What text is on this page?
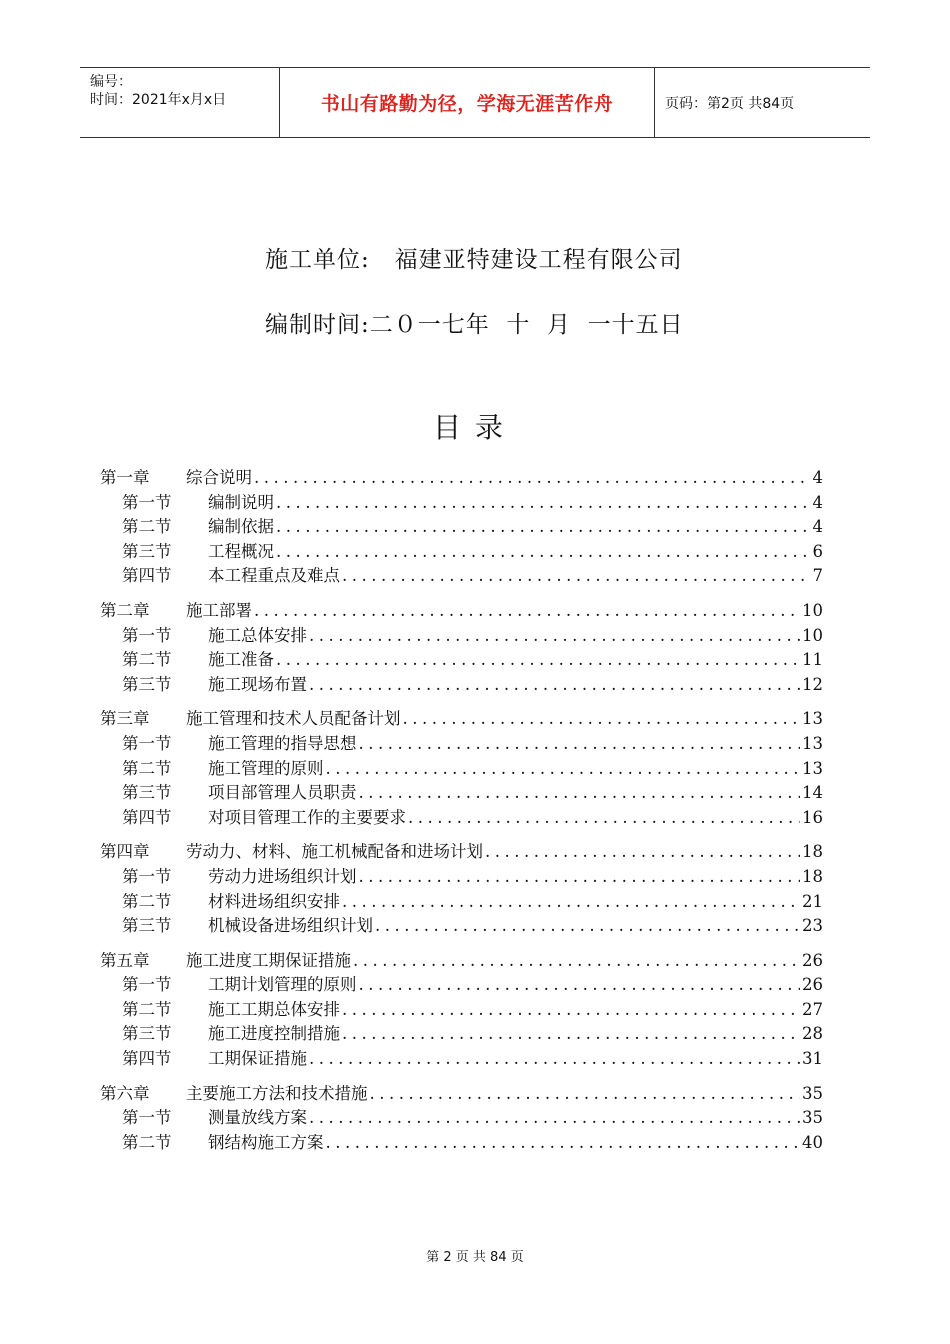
编号：
时间：2021年x月x日	书山有路勤为径，学海无涯苦作舟	页码：第2页 共84页
施工单位:   福建亚特建设工程有限公司
编制时间:二０一七年  十  月  一十五日
目录
第一章	综合说明 .....	4
第一节	编制说明 .....	4
第二节	编制依据 .....	4
第三节	工程概况 .....	6
第四节	本工程重点及难点 .....	7
第二章	施工部署 .....	10
第一节	施工总体安排 .....	10
第二节	施工准备 .....	11
第三节	施工现场布置 .....	12
第三章	施工管理和技术人员配备计划 .....	13
第一节	施工管理的指导思想 .....	13
第二节	施工管理的原则 .....	13
第三节	项目部管理人员职责 .....	14
第四节	对项目管理工作的主要要求 .....	16
第四章	劳动力、材料、施工机械配备和进场计划 .....	18
第一节	劳动力进场组织计划 .....	18
第二节	材料进场组织安排 .....	21
第三节	机械设备进场组织计划 .....	23
第五章	施工进度工期保证措施 .....	26
第一节	工期计划管理的原则 .....	26
第二节	施工工期总体安排 .....	27
第三节	施工进度控制措施 .....	28
第四节	工期保证措施 .....	31
第六章	主要施工方法和技术措施 .....	35
第一节	测量放线方案 .....	35
第二节	钢结构施工方案 .....	40
第 2 页 共 84 页
